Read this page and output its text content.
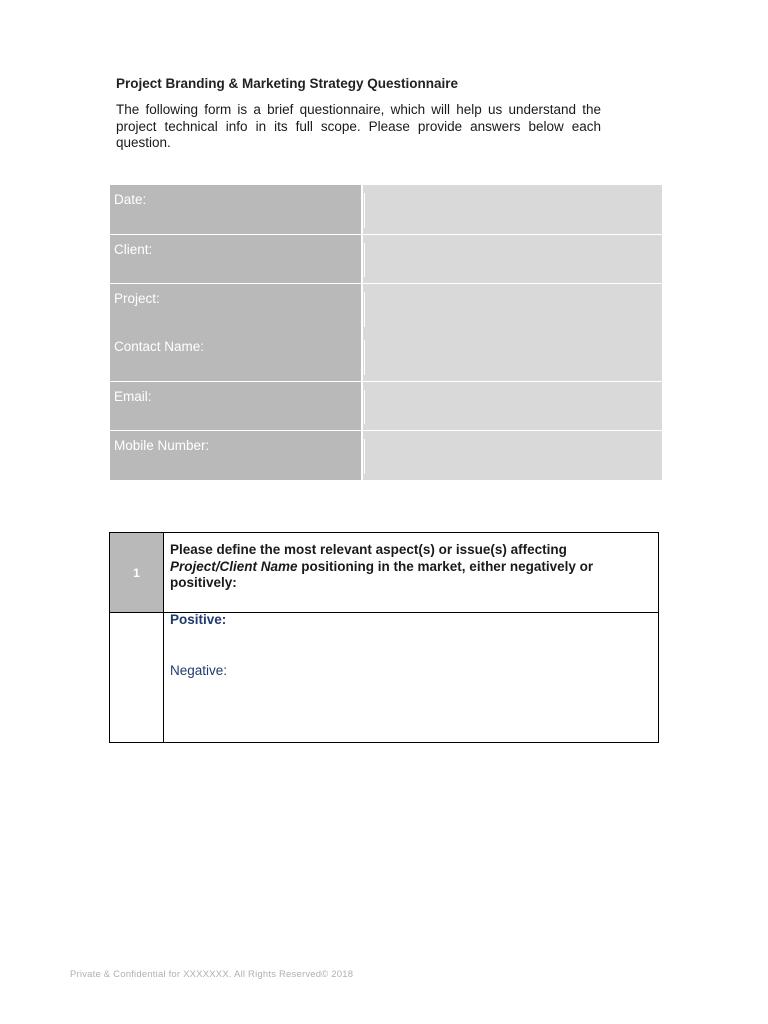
Project Branding & Marketing Strategy Questionnaire
The following form is a brief questionnaire, which will help us understand the project technical info in its full scope. Please provide answers below each question.
Date:
Client:
Project:
Contact Name:
Email:
Mobile Number:
1
Please define the most relevant aspect(s) or issue(s) affecting Project/Client Name positioning in the market, either negatively or positively:
Positive:
Negative:
Private & Confidential for XXXXXXX. All Rights Reserved© 2018
